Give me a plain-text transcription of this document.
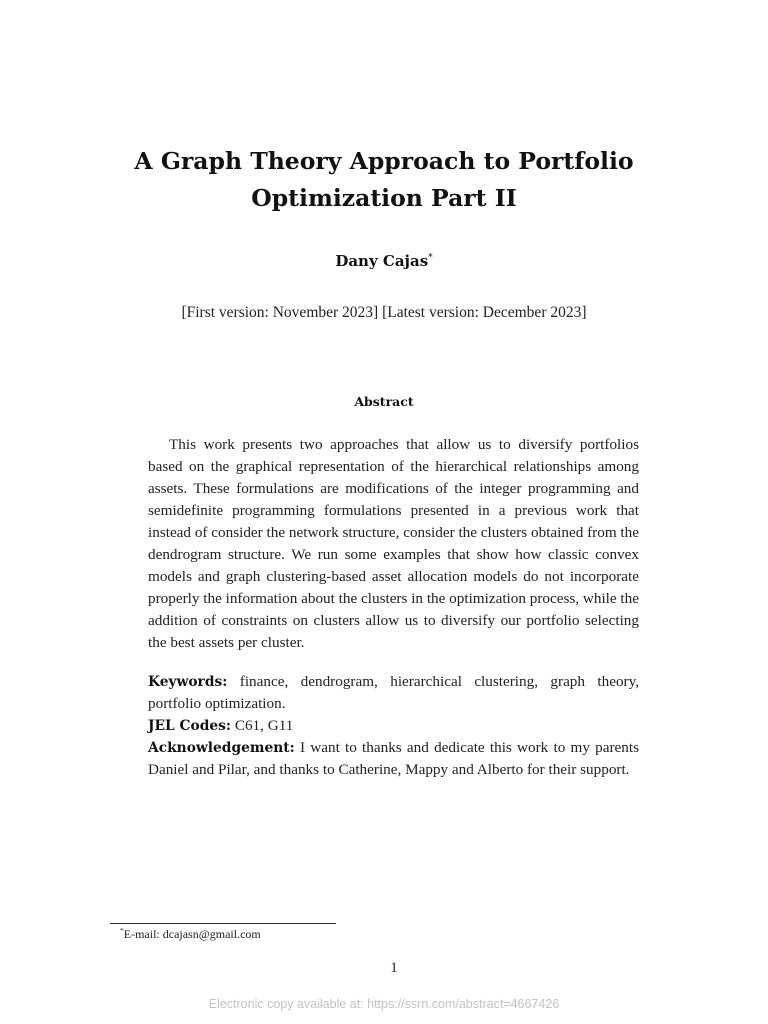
A Graph Theory Approach to Portfolio
Optimization Part II
Dany Cajas*
[First version: November 2023] [Latest version: December 2023]
Abstract
This work presents two approaches that allow us to diversify portfolios based on the graphical representation of the hierarchical relationships among assets. These formulations are modifications of the integer programming and semidefinite programming formulations presented in a previous work that instead of consider the network structure, consider the clusters obtained from the dendrogram structure. We run some examples that show how classic convex models and graph clustering-based asset allocation models do not incorporate properly the information about the clusters in the optimization process, while the addition of constraints on clusters allow us to diversify our portfolio selecting the best assets per cluster.
Keywords: finance, dendrogram, hierarchical clustering, graph theory, portfolio optimization.
JEL Codes: C61, G11
Acknowledgement: I want to thanks and dedicate this work to my parents Daniel and Pilar, and thanks to Catherine, Mappy and Alberto for their support.
*E-mail: dcajasn@gmail.com
1
Electronic copy available at: https://ssrn.com/abstract=4667426
